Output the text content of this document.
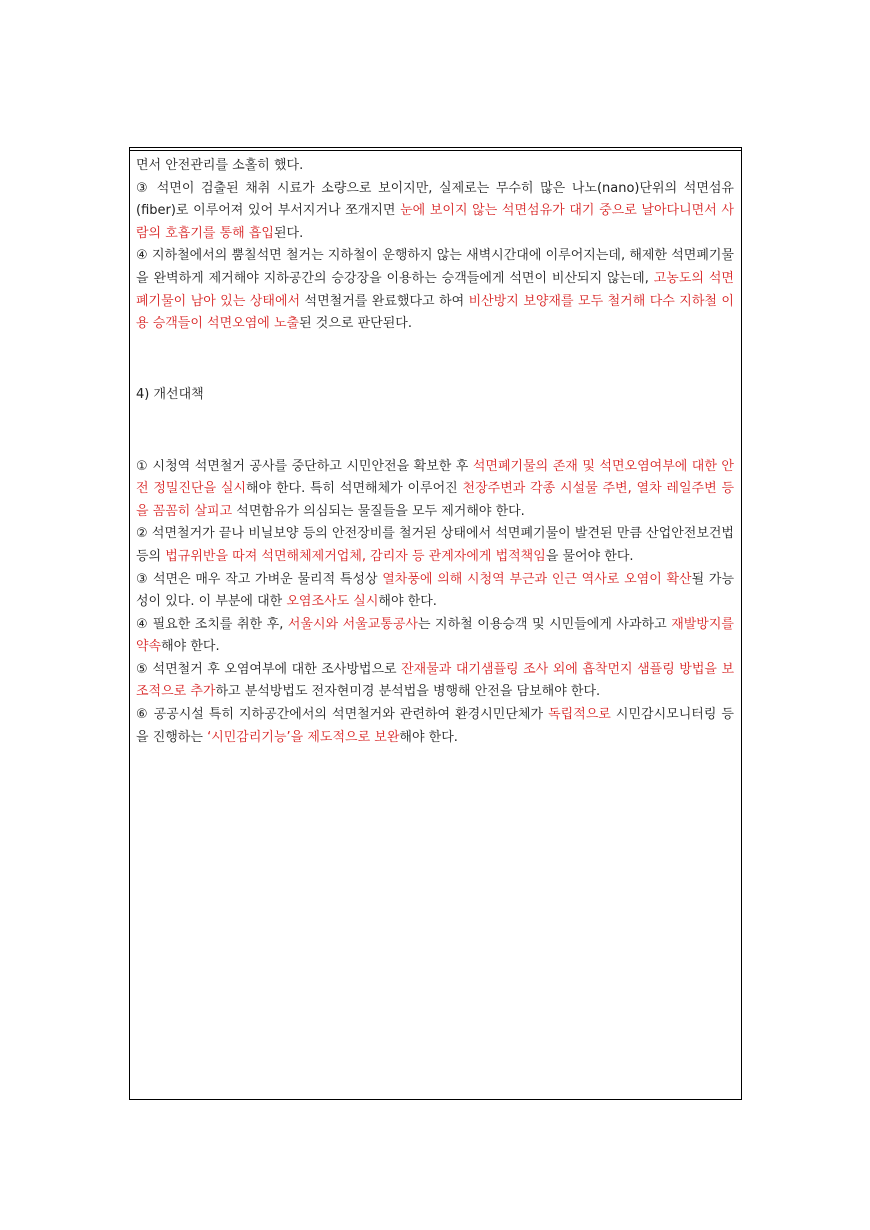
면서 안전관리를 소홀히 했다.

③ 석면이 검출된 채취 시료가 소량으로 보이지만, 실제로는 무수히 많은 나노(nano)단위의 석면섬유(fiber)로 이루어져 있어 부서지거나 쪼개지면 눈에 보이지 않는 석면섬유가 대기 중으로 날아다니면서 사람의 호흡기를 통해 흡입된다.

④ 지하철에서의 뿜칠석면 철거는 지하철이 운행하지 않는 새벽시간대에 이루어지는데, 해제한 석면폐기물을 완벽하게 제거해야 지하공간의 승강장을 이용하는 승객들에게 석면이 비산되지 않는데, 고농도의 석면폐기물이 남아 있는 상태에서 석면철거를 완료했다고 하여 비산방지 보양재를 모두 철거해 다수 지하철 이용 승객들이 석면오염에 노출된 것으로 판단된다.

4) 개선대책

① 시청역 석면철거 공사를 중단하고 시민안전을 확보한 후 석면폐기물의 존재 및 석면오염여부에 대한 안전 정밀진단을 실시해야 한다. 특히 석면해체가 이루어진 천장주변과 각종 시설물 주변, 열차 레일주변 등을 꼼꼼히 살피고 석면함유가 의심되는 물질들을 모두 제거해야 한다.

② 석면철거가 끝나 비닐보양 등의 안전장비를 철거된 상태에서 석면폐기물이 발견된 만큼 산업안전보건법 등의 법규위반을 따져 석면해체제거업체, 감리자 등 관계자에게 법적책임을 물어야 한다.

③ 석면은 매우 작고 가벼운 물리적 특성상 열차풍에 의해 시청역 부근과 인근 역사로 오염이 확산될 가능성이 있다. 이 부분에 대한 오염조사도 실시해야 한다.

④ 필요한 조치를 취한 후, 서울시와 서울교통공사는 지하철 이용승객 및 시민들에게 사과하고 재발방지를 약속해야 한다.

⑤ 석면철거 후 오염여부에 대한 조사방법으로 잔재물과 대기샘플링 조사 외에 흡착먼지 샘플링 방법을 보조적으로 추가하고 분석방법도 전자현미경 분석법을 병행해 안전을 담보해야 한다.

⑥ 공공시설 특히 지하공간에서의 석면철거와 관련하여 환경시민단체가 독립적으로 시민감시모니터링 등을 진행하는 ‘시민감리기능’을 제도적으로 보완해야 한다.
